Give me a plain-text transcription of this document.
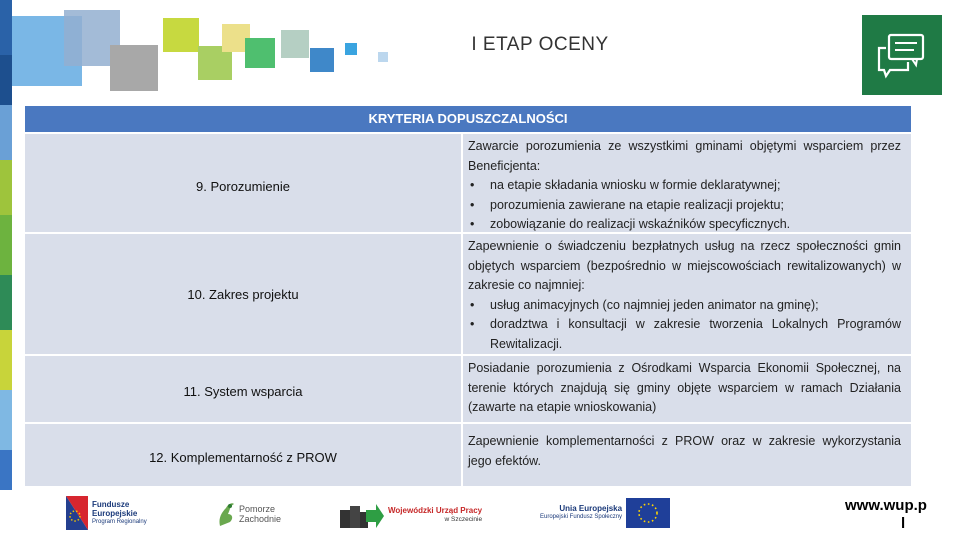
I ETAP OCENY
KRYTERIA DOPUSZCZALNOŚCI
9. Porozumienie
Zawarcie porozumienia ze wszystkimi gminami objętymi wsparciem przez Beneficjenta:
• na etapie składania wniosku w formie deklaratywnej;
• porozumienia zawierane na etapie realizacji projektu;
• zobowiązanie do realizacji wskaźników specyficznych.
10. Zakres projektu
Zapewnienie o świadczeniu bezpłatnych usług na rzecz społeczności gmin objętych wsparciem (bezpośrednio w miejscowościach rewitalizowanych) w zakresie co najmniej:
• usług animacyjnych (co najmniej jeden animator na gminę);
• doradztwa i konsultacji w zakresie tworzenia Lokalnych Programów Rewitalizacji.
11. System wsparcia
Posiadanie porozumienia z Ośrodkami Wsparcia Ekonomii Społecznej, na terenie których znajdują się gminy objęte wsparciem w ramach Działania (zawarte na etapie wnioskowania)
12. Komplementarność z PROW
Zapewnienie komplementarności z PROW oraz w zakresie wykorzystania jego efektów.
Fundusze
Europejskie
Program Regionalny
Pomorze
Zachodnie
Wojewódzki Urząd Pracy
w Szczecinie
Unia Europejska
Europejski Fundusz Społeczny
www.wup.p
l
